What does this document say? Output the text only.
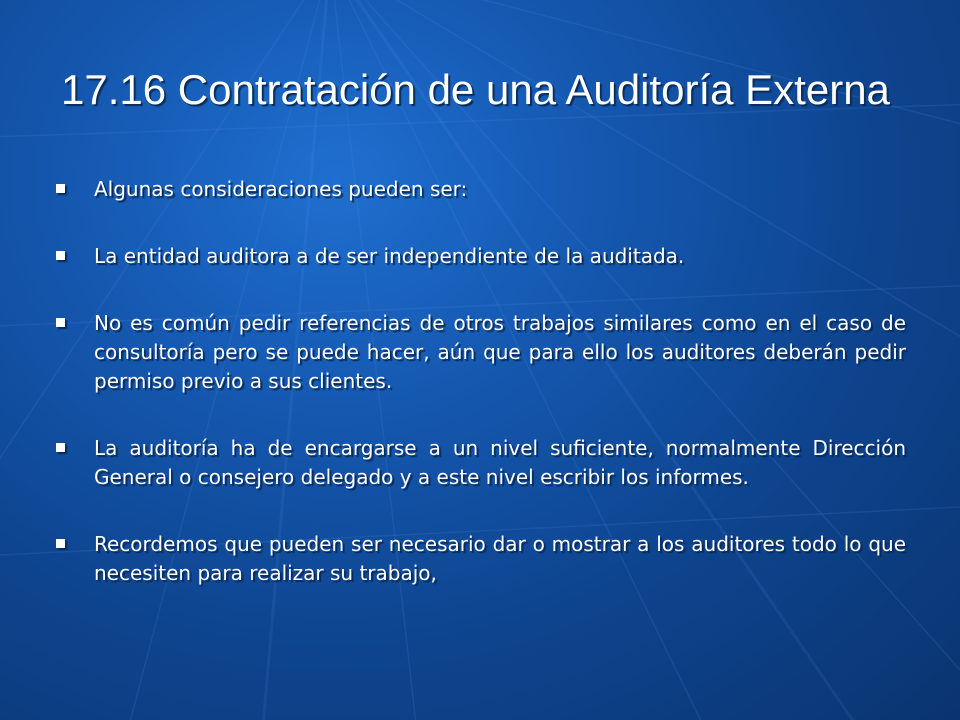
17.16 Contratación de una Auditoría Externa
Algunas consideraciones pueden ser:
La entidad auditora a de ser independiente de la auditada.
No es común pedir referencias de otros trabajos similares como en el caso de consultoría pero se puede hacer, aún que para ello los auditores deberán pedir permiso previo a sus clientes.
La auditoría ha de encargarse a un nivel suficiente, normalmente Dirección General o consejero delegado y a este nivel escribir los informes.
Recordemos que pueden ser necesario dar o mostrar a los auditores todo lo que necesiten para realizar su trabajo,
